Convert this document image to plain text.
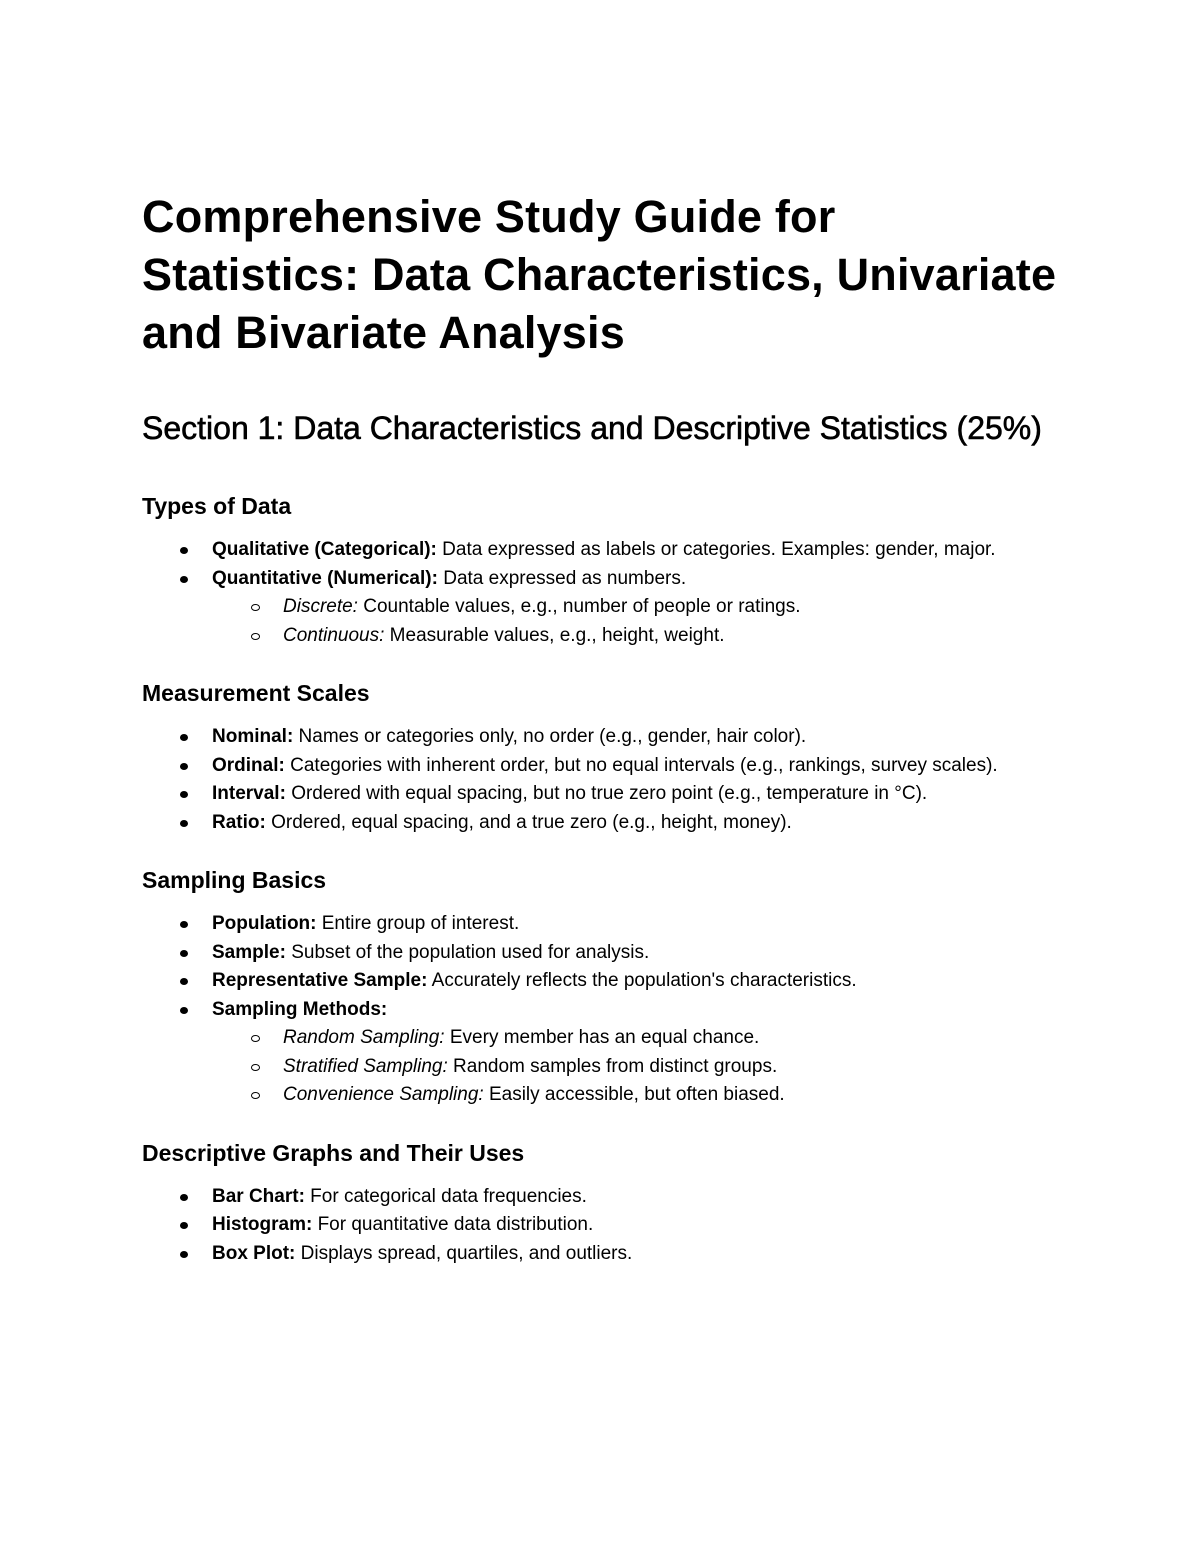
Comprehensive Study Guide for Statistics: Data Characteristics, Univariate and Bivariate Analysis
Section 1: Data Characteristics and Descriptive Statistics (25%)
Types of Data
Qualitative (Categorical): Data expressed as labels or categories. Examples: gender, major.
Quantitative (Numerical): Data expressed as numbers.
Discrete: Countable values, e.g., number of people or ratings.
Continuous: Measurable values, e.g., height, weight.
Measurement Scales
Nominal: Names or categories only, no order (e.g., gender, hair color).
Ordinal: Categories with inherent order, but no equal intervals (e.g., rankings, survey scales).
Interval: Ordered with equal spacing, but no true zero point (e.g., temperature in °C).
Ratio: Ordered, equal spacing, and a true zero (e.g., height, money).
Sampling Basics
Population: Entire group of interest.
Sample: Subset of the population used for analysis.
Representative Sample: Accurately reflects the population's characteristics.
Sampling Methods:
Random Sampling: Every member has an equal chance.
Stratified Sampling: Random samples from distinct groups.
Convenience Sampling: Easily accessible, but often biased.
Descriptive Graphs and Their Uses
Bar Chart: For categorical data frequencies.
Histogram: For quantitative data distribution.
Box Plot: Displays spread, quartiles, and outliers.
